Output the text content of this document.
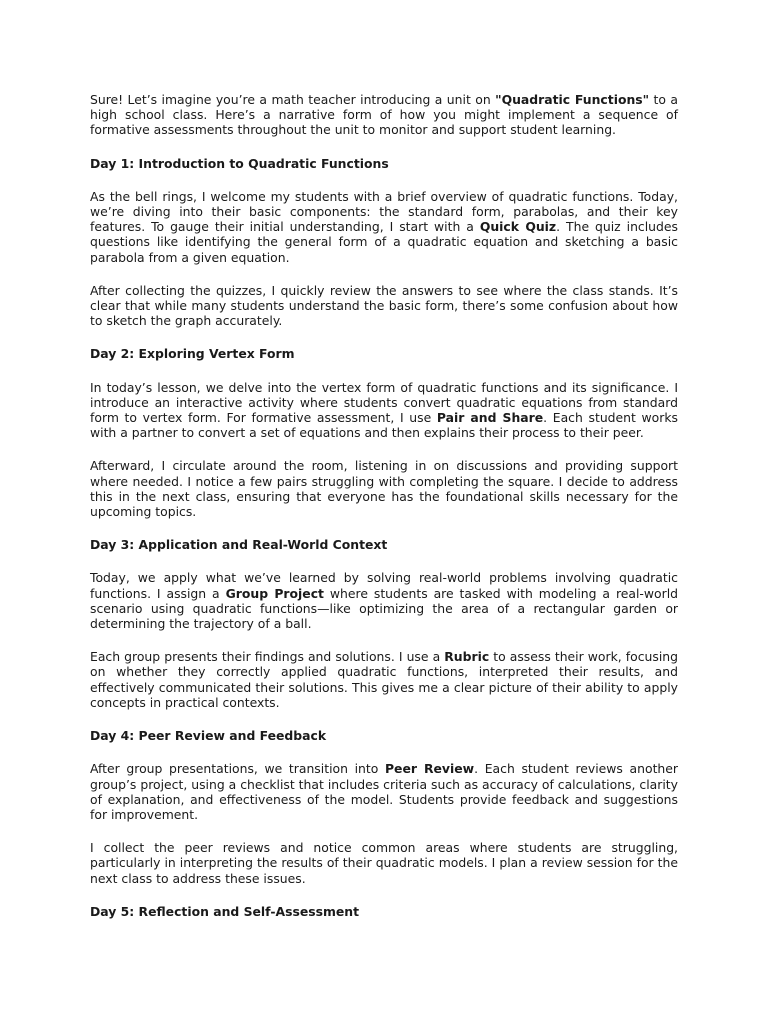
Sure! Let’s imagine you’re a math teacher introducing a unit on "Quadratic Functions" to a high school class. Here’s a narrative form of how you might implement a sequence of formative assessments throughout the unit to monitor and support student learning.

Day 1: Introduction to Quadratic Functions

As the bell rings, I welcome my students with a brief overview of quadratic functions. Today, we’re diving into their basic components: the standard form, parabolas, and their key features. To gauge their initial understanding, I start with a Quick Quiz. The quiz includes questions like identifying the general form of a quadratic equation and sketching a basic parabola from a given equation.

After collecting the quizzes, I quickly review the answers to see where the class stands. It’s clear that while many students understand the basic form, there’s some confusion about how to sketch the graph accurately.

Day 2: Exploring Vertex Form

In today’s lesson, we delve into the vertex form of quadratic functions and its significance. I introduce an interactive activity where students convert quadratic equations from standard form to vertex form. For formative assessment, I use Pair and Share. Each student works with a partner to convert a set of equations and then explains their process to their peer.

Afterward, I circulate around the room, listening in on discussions and providing support where needed. I notice a few pairs struggling with completing the square. I decide to address this in the next class, ensuring that everyone has the foundational skills necessary for the upcoming topics.

Day 3: Application and Real-World Context

Today, we apply what we’ve learned by solving real-world problems involving quadratic functions. I assign a Group Project where students are tasked with modeling a real-world scenario using quadratic functions—like optimizing the area of a rectangular garden or determining the trajectory of a ball.

Each group presents their findings and solutions. I use a Rubric to assess their work, focusing on whether they correctly applied quadratic functions, interpreted their results, and effectively communicated their solutions. This gives me a clear picture of their ability to apply concepts in practical contexts.

Day 4: Peer Review and Feedback

After group presentations, we transition into Peer Review. Each student reviews another group’s project, using a checklist that includes criteria such as accuracy of calculations, clarity of explanation, and effectiveness of the model. Students provide feedback and suggestions for improvement.

I collect the peer reviews and notice common areas where students are struggling, particularly in interpreting the results of their quadratic models. I plan a review session for the next class to address these issues.

Day 5: Reflection and Self-Assessment
